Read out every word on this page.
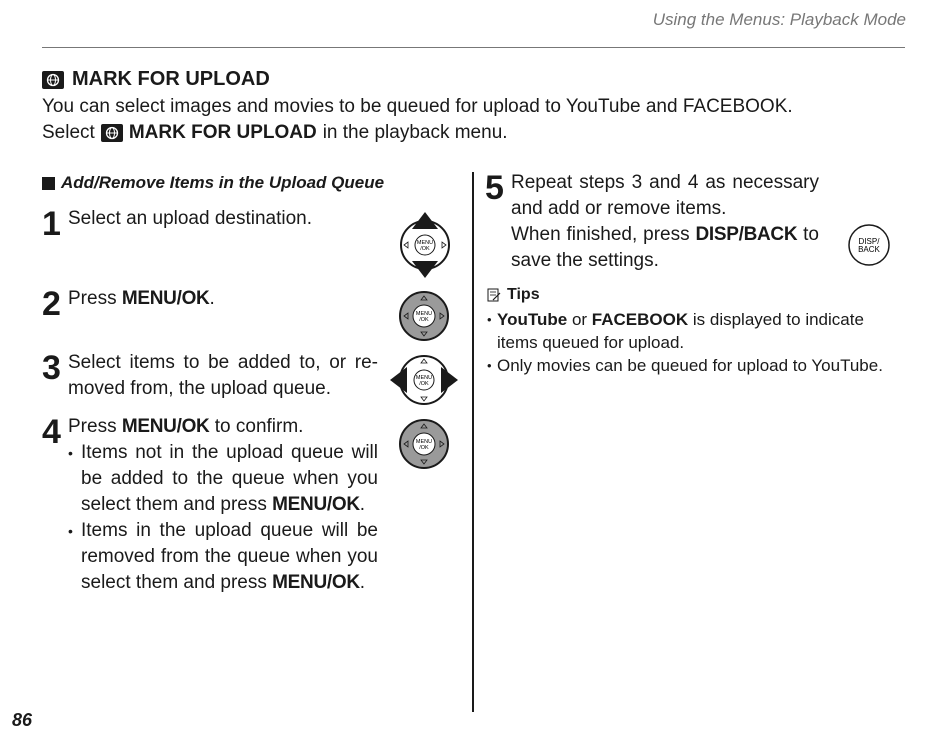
Using the Menus: Playback Mode
MARK FOR UPLOAD
You can select images and movies to be queued for upload to YouTube and FACEBOOK.
Select MARK FOR UPLOAD in the playback menu.
Add/Remove Items in the Upload Queue
1 Select an upload destination.
2 Press MENU/OK.
3 Select items to be added to, or re-moved from, the upload queue.
4 Press MENU/OK to confirm.
• Items not in the upload queue will be added to the queue when you select them and press MENU/OK.
• Items in the upload queue will be removed from the queue when you select them and press MENU/OK.
MENU
/OK
MENU
/OK
MENU
/OK
MENU
/OK
5 Repeat steps 3 and 4 as necessary and add or remove items.
When finished, press DISP/BACK to save the settings.
DISP/
BACK
Tips
• YouTube or FACEBOOK is displayed to indicate items queued for upload.
• Only movies can be queued for upload to YouTube.
86
